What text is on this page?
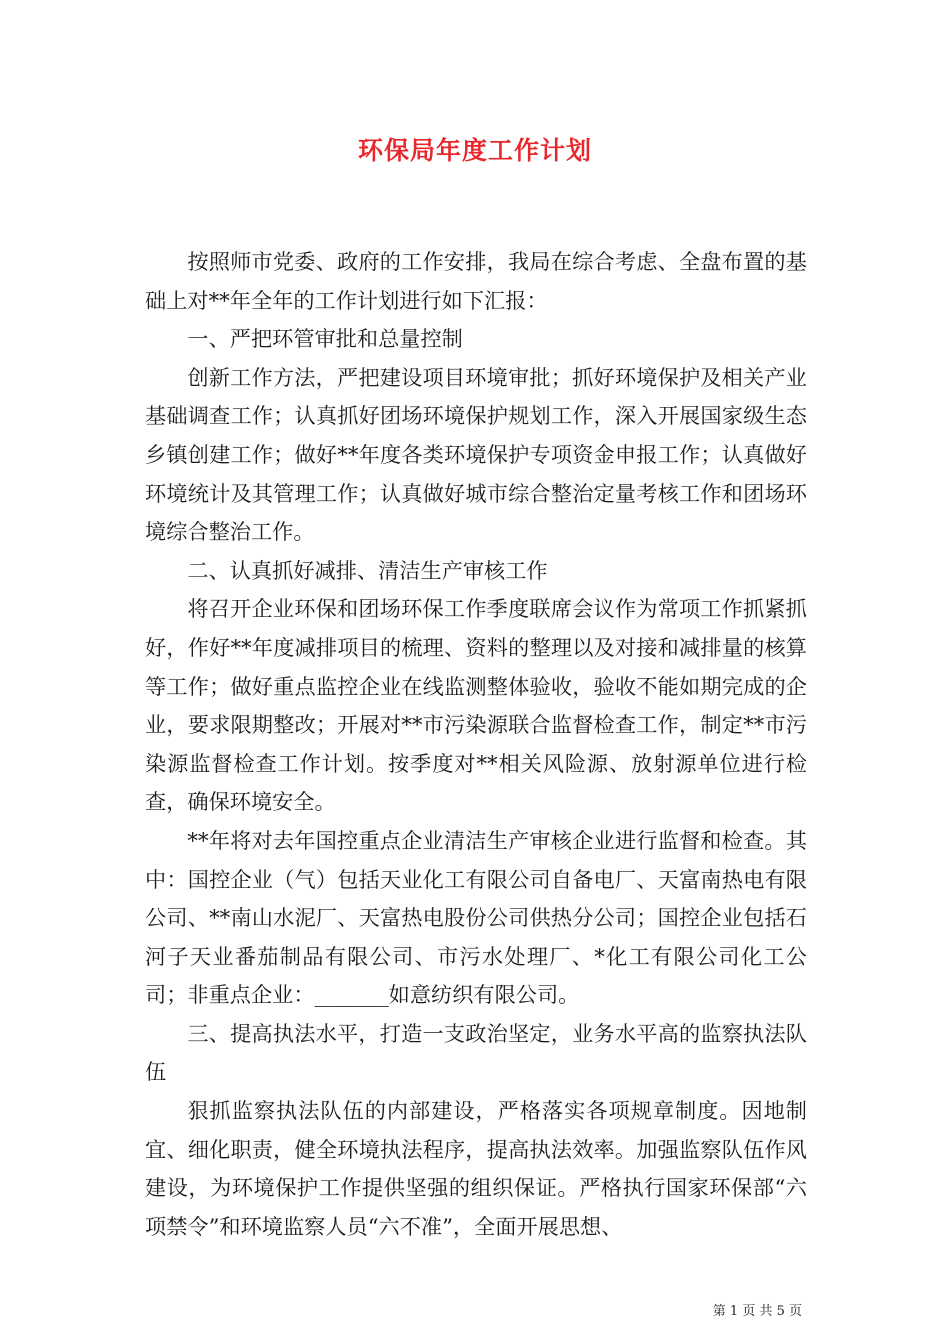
环保局年度工作计划

按照师市党委、政府的工作安排，我局在综合考虑、全盘布置的基础上对**年全年的工作计划进行如下汇报：

一、严把环管审批和总量控制

创新工作方法，严把建设项目环境审批；抓好环境保护及相关产业基础调查工作；认真抓好团场环境保护规划工作，深入开展国家级生态乡镇创建工作；做好**年度各类环境保护专项资金申报工作；认真做好环境统计及其管理工作；认真做好城市综合整治定量考核工作和团场环境综合整治工作。

二、认真抓好减排、清洁生产审核工作

将召开企业环保和团场环保工作季度联席会议作为常项工作抓紧抓好，作好**年度减排项目的梳理、资料的整理以及对接和减排量的核算等工作；做好重点监控企业在线监测整体验收，验收不能如期完成的企业，要求限期整改；开展对**市污染源联合监督检查工作，制定**市污染源监督检查工作计划。按季度对**相关风险源、放射源单位进行检查，确保环境安全。

**年将对去年国控重点企业清洁生产审核企业进行监督和检查。其中：国控企业（气）包括天业化工有限公司自备电厂、天富南热电有限公司、**南山水泥厂、天富热电股份公司供热分公司；国控企业包括石河子天业番茄制品有限公司、市污水处理厂、*化工有限公司化工公司；非重点企业：_______如意纺织有限公司。

三、提高执法水平，打造一支政治坚定，业务水平高的监察执法队伍

狠抓监察执法队伍的内部建设，严格落实各项规章制度。因地制宜、细化职责，健全环境执法程序，提高执法效率。加强监察队伍作风建设，为环境保护工作提供坚强的组织保证。严格执行国家环保部“六项禁令”和环境监察人员“六不准”，全面开展思想、

第 1 页 共 5 页
